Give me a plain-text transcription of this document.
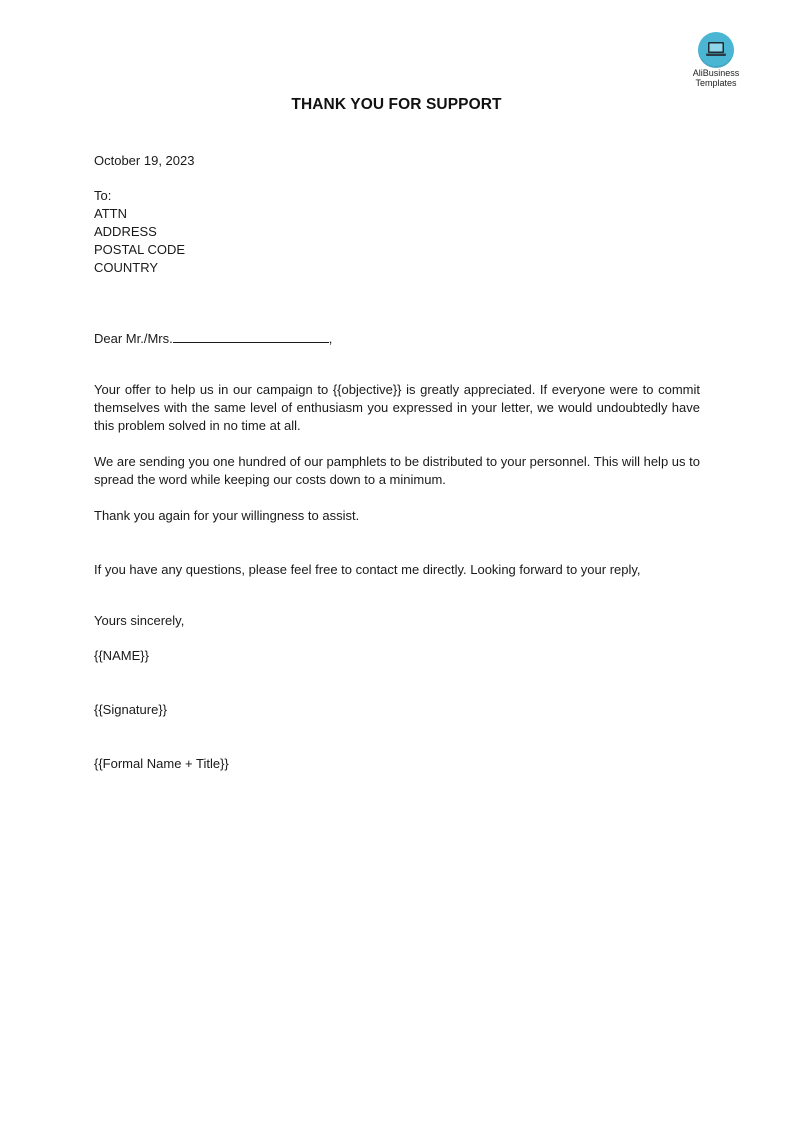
AliBusiness
Templates
THANK YOU FOR SUPPORT

October 19, 2023

To:

ATTN

ADDRESS

POSTAL CODE

COUNTRY

Dear Mr./Mrs.	,

Your offer to help us in our campaign to {{objective}} is greatly appreciated. If everyone were to commit themselves with the same level of enthusiasm you expressed in your letter, we would undoubtedly have this problem solved in no time at all.

We are sending you one hundred of our pamphlets to be distributed to your personnel. This will help us to spread the word while keeping our costs down to a minimum.

Thank you again for your willingness to assist.

If you have any questions, please feel free to contact me directly. Looking forward to your reply,

Yours sincerely,

{{NAME}}

{{Signature}}

{{Formal Name + Title}}
